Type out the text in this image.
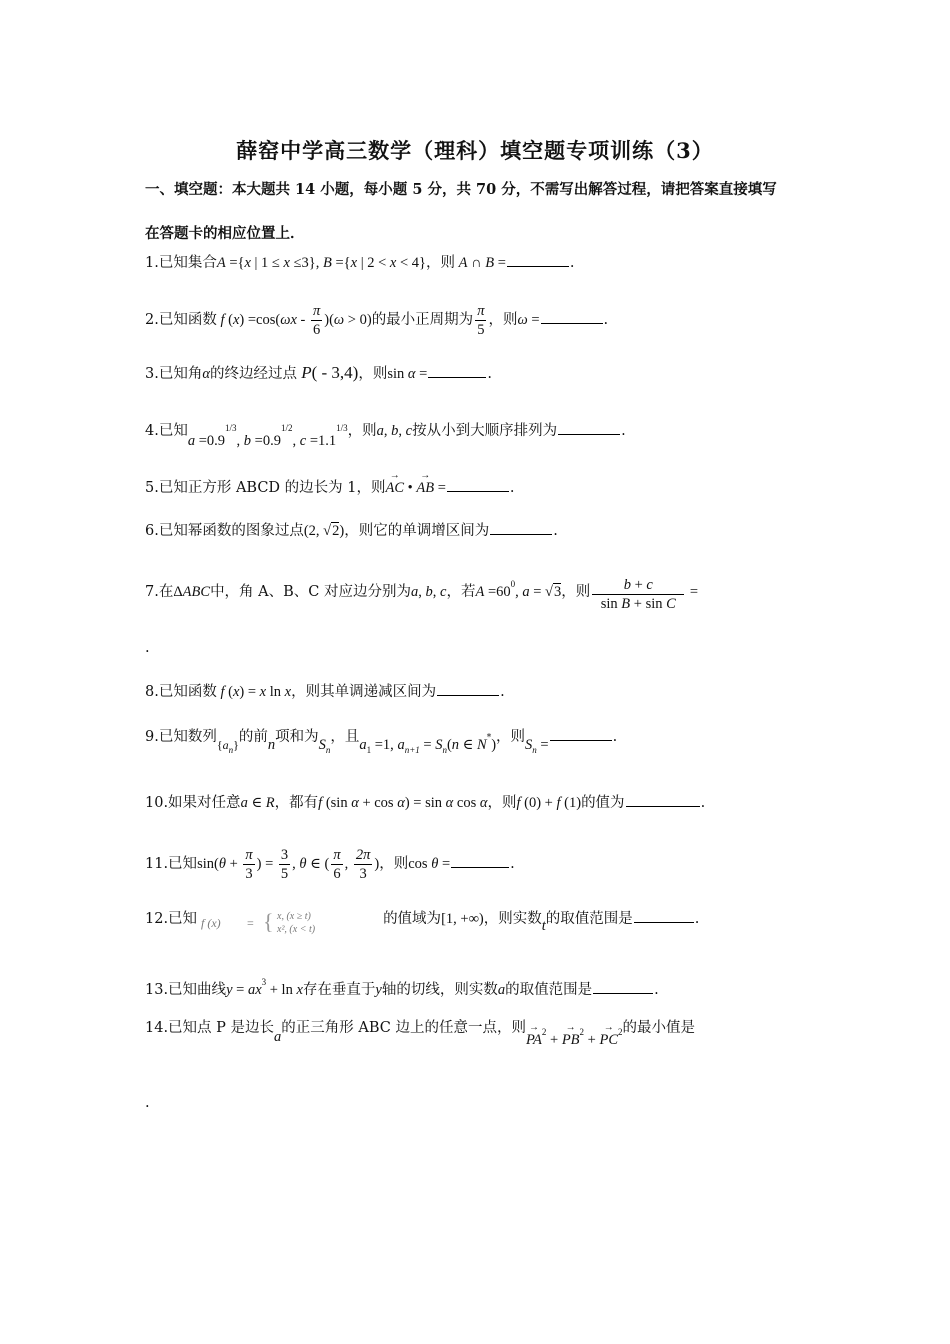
薛窑中学高三数学（理科）填空题专项训练（3）
一、填空题：本大题共 14 小题，每小题 5 分，共 70 分，不需写出解答过程，请把答案直接填写
在答题卡的相应位置上．
1.已知集合A ={x | 1 ≤ x ≤3}, B ={x | 2 < x < 4}，则 A ∩ B =	.
2.已知函数 f $(x) =\cos(\omega x - \frac{\pi}{6} )(\omega > 0)$的最小正周期为 $\frac{\pi}{5}$ ，则ω =	.
3.已知角α的终边经过点 P( - 3,4)，则sin α =	.
4.已知$a =0.9^{1/3}$, $b =0.9^{1/2}$, $c =1.1^{1/3}$，则a, b, c按从小到大顺序排列为	.
5.已知正方形 ABCD 的边长为 1，则→ AC • → AB =	.
6.已知幂函数的图象过点(2, √2)，则它的单调增区间为	.
7.在ΔABC中，角 A、B、C 对应边分别为a, b, c，若$A =60^0$, a = √3，则 $\frac{b + c}{\text{sin B + sin C}}$ =
.
8.已知函数 f (x) = x ln x，则其单调递减区间为	.
9.已知数列$_{\{a_n\}}$的前n项和为$S_n$，且$a_1 =1$, $a_{n+1} = S_n(n$ ∈ N*)，则$S_n$ =	.
10.如果对任意a ∈ R，都有f (sin α + cos α) = sin α cos α，则f (0) + f (1)的值为	.
11.已知$\sin(\theta + \frac{\pi}{3}$ ) = $\frac{3}{5}$ , θ ∈ ( $\frac{\pi}{6}$ , $\frac{2\pi}{3}$ )，则cos θ =	.
12.已知 f (x) = { x, (x ≥ t)
x², (x < t)
的值域为[1, +∞)，则实数t的取值范围是	.
13.已知曲线$y = ax^3 + \ln x$存在垂直于y轴的切线，则实数a的取值范围是	.
14.已知点 P 是边长a的正三角形 ABC 边上的任意一点，则→ $PA^2$ + → $PB^2$ + → $PC^2$的最小值是
.
